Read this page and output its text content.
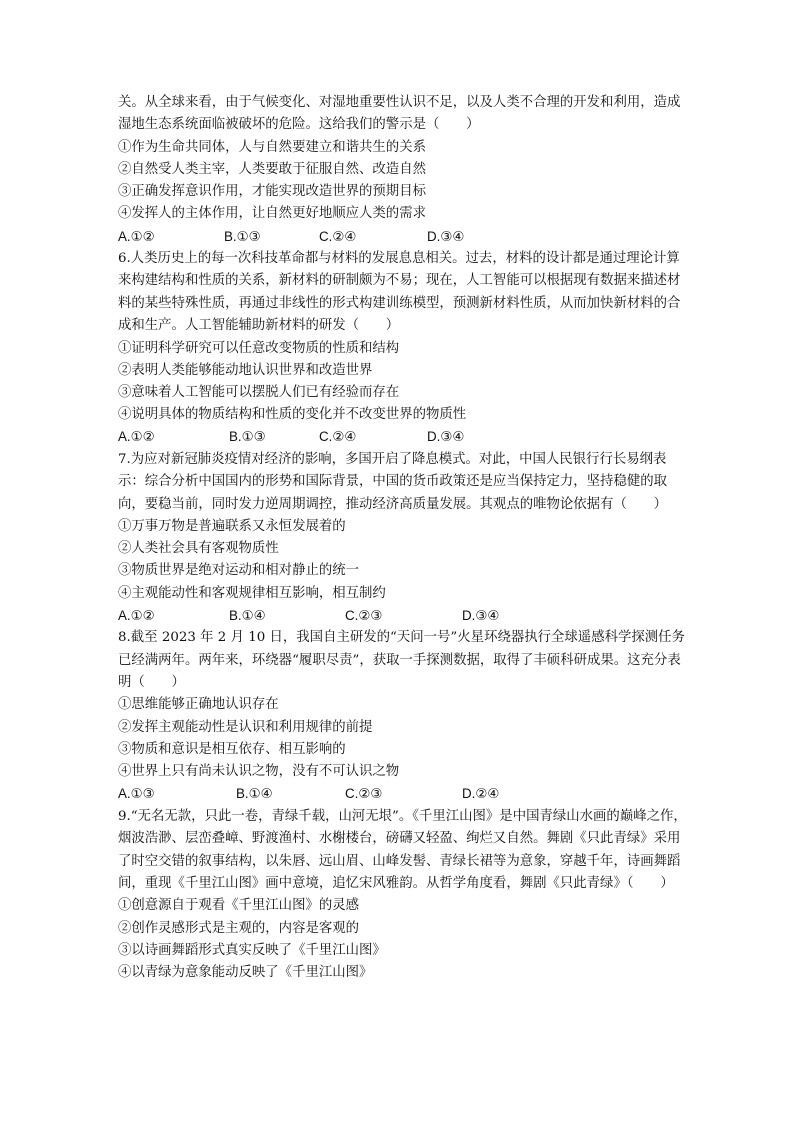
关。从全球来看，由于气候变化、对湿地重要性认识不足，以及人类不合理的开发和利用，造成湿地生态系统面临被破坏的危险。这给我们的警示是（　　）

①作为生命共同体，人与自然要建立和谐共生的关系

②自然受人类主宰，人类要敢于征服自然、改造自然

③正确发挥意识作用，才能实现改造世界的预期目标

④发挥人的主体作用，让自然更好地顺应人类的需求

A.①②	B.①③	C.②④	D.③④

6.人类历史上的每一次科技革命都与材料的发展息息相关。过去，材料的设计都是通过理论计算来构建结构和性质的关系，新材料的研制颇为不易；现在，人工智能可以根据现有数据来描述材料的某些特殊性质，再通过非线性的形式构建训练模型，预测新材料性质，从而加快新材料的合成和生产。人工智能辅助新材料的研发（　　）

①证明科学研究可以任意改变物质的性质和结构

②表明人类能够能动地认识世界和改造世界

③意味着人工智能可以摆脱人们已有经验而存在

④说明具体的物质结构和性质的变化并不改变世界的物质性

A.①②	B.①③	C.②④	D.③④

7.为应对新冠肺炎疫情对经济的影响，多国开启了降息模式。对此，中国人民银行行长易纲表示：综合分析中国国内的形势和国际背景，中国的货币政策还是应当保持定力，坚持稳健的取向，要稳当前，同时发力逆周期调控，推动经济高质量发展。其观点的唯物论依据有（　　）

①万事万物是普遍联系又永恒发展着的

②人类社会具有客观物质性

③物质世界是绝对运动和相对静止的统一

④主观能动性和客观规律相互影响，相互制约

A.①②	B.①④	C.②③	D.③④

8.截至 2023 年 2 月 10 日，我国自主研发的“天问一号”火星环绕器执行全球遥感科学探测任务已经满两年。两年来，环绕器“履职尽责”，获取一手探测数据，取得了丰硕科研成果。这充分表明（　　）

①思维能够正确地认识存在

②发挥主观能动性是认识和利用规律的前提

③物质和意识是相互依存、相互影响的

④世界上只有尚未认识之物，没有不可认识之物

A.①③	B.①④	C.②③	D.②④

9.“无名无款，只此一卷，青绿千载，山河无垠”。《千里江山图》是中国青绿山水画的巅峰之作，烟波浩渺、层峦叠嶂、野渡渔村、水榭楼台，磅礴又轻盈、绚烂又自然。舞剧《只此青绿》采用了时空交错的叙事结构，以朱唇、远山眉、山峰发髻、青绿长裙等为意象，穿越千年，诗画舞蹈间，重现《千里江山图》画中意境，追忆宋风雅韵。从哲学角度看，舞剧《只此青绿》（　　）

①创意源自于观看《千里江山图》的灵感

②创作灵感形式是主观的，内容是客观的

③以诗画舞蹈形式真实反映了《千里江山图》

④以青绿为意象能动反映了《千里江山图》
